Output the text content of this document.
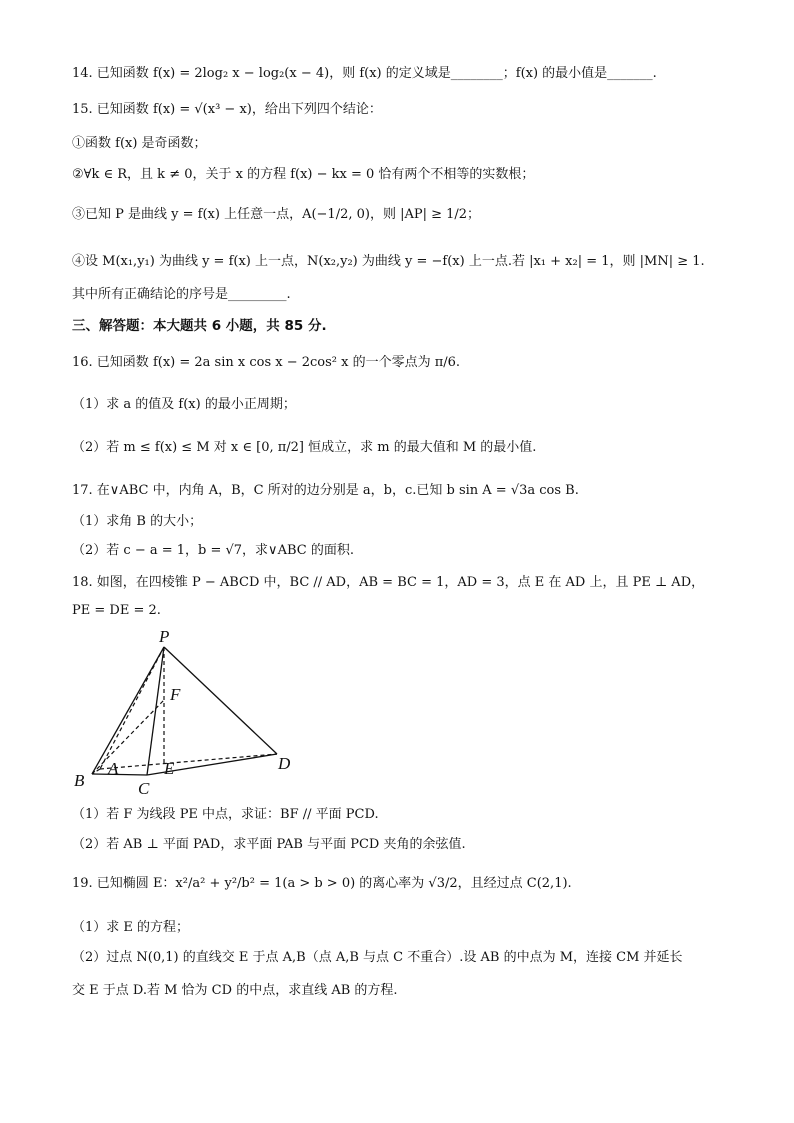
14. 已知函数 f(x) = 2log₂ x − log₂(x − 4)，则 f(x) 的定义域是________；f(x) 的最小值是_______.
15. 已知函数 f(x) = √(x³ − x)，给出下列四个结论：
①函数 f(x) 是奇函数；
②∀k ∈ R，且 k ≠ 0，关于 x 的方程 f(x) − kx = 0 恰有两个不相等的实数根；
③已知 P 是曲线 y = f(x) 上任意一点，A(−1/2, 0)，则 |AP| ≥ 1/2；
④设 M(x₁,y₁) 为曲线 y = f(x) 上一点，N(x₂,y₂) 为曲线 y = −f(x) 上一点.若 |x₁ + x₂| = 1，则 |MN| ≥ 1.
其中所有正确结论的序号是_________.
三、解答题：本大题共 6 小题，共 85 分.
16. 已知函数 f(x) = 2a sin x cos x − 2cos² x 的一个零点为 π/6.
（1）求 a 的值及 f(x) 的最小正周期；
（2）若 m ≤ f(x) ≤ M 对 x ∈ [0, π/2] 恒成立，求 m 的最大值和 M 的最小值.
17. 在∨ABC 中，内角 A，B，C 所对的边分别是 a，b，c.已知 b sin A = √3a cos B.
（1）求角 B 的大小；
（2）若 c − a = 1，b = √7，求∨ABC 的面积.
18. 如图，在四棱锥 P − ABCD 中，BC // AD，AB = BC = 1，AD = 3，点 E 在 AD 上，且 PE ⊥ AD，
PE = DE = 2.
P
F
A	E
B	C
D
（1）若 F 为线段 PE 中点，求证：BF // 平面 PCD.
（2）若 AB ⊥ 平面 PAD，求平面 PAB 与平面 PCD 夹角的余弦值.
19. 已知椭圆 E：x²/a² + y²/b² = 1(a > b > 0) 的离心率为 √3/2，且经过点 C(2,1).
（1）求 E 的方程；
（2）过点 N(0,1) 的直线交 E 于点 A,B（点 A,B 与点 C 不重合）.设 AB 的中点为 M，连接 CM 并延长
交 E 于点 D.若 M 恰为 CD 的中点，求直线 AB 的方程.
